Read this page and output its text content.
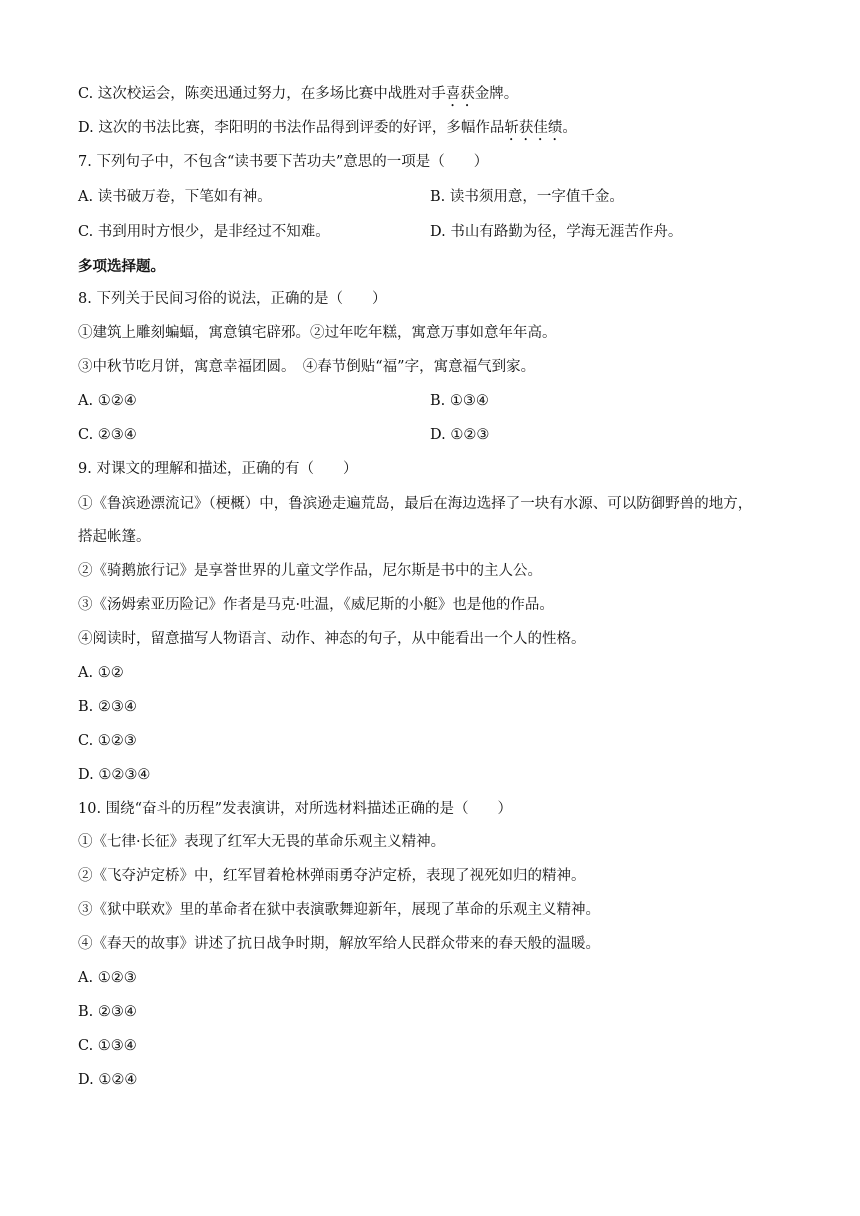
C. 这次校运会，陈奕迅通过努力，在多场比赛中战胜对手喜获金牌。
D. 这次的书法比赛，李阳明的书法作品得到评委的好评，多幅作品斩获佳绩。
7. 下列句子中，不包含“读书要下苦功夫”意思的一项是（　　）
A. 读书破万卷，下笔如有神。	B. 读书须用意，一字值千金。
C. 书到用时方恨少，是非经过不知难。	D. 书山有路勤为径，学海无涯苦作舟。
多项选择题。
8. 下列关于民间习俗的说法，正确的是（　　）
①建筑上雕刻蝙蝠，寓意镇宅辟邪。②过年吃年糕，寓意万事如意年年高。
③中秋节吃月饼，寓意幸福团圆。　④春节倒贴“福”字，寓意福气到家。
A. ①②④	B. ①③④
C. ②③④	D. ①②③
9. 对课文的理解和描述，正确的有（　　）
①《鲁滨逊漂流记》（梗概）中，鲁滨逊走遍荒岛，最后在海边选择了一块有水源、可以防御野兽的地方，
搭起帐篷。
②《骑鹅旅行记》是享誉世界的儿童文学作品，尼尔斯是书中的主人公。
③《汤姆索亚历险记》作者是马克·吐温，《威尼斯的小艇》也是他的作品。
④阅读时，留意描写人物语言、动作、神态的句子，从中能看出一个人的性格。
A. ①②
B. ②③④
C. ①②③
D. ①②③④
10. 围绕“奋斗的历程”发表演讲，对所选材料描述正确的是（　　）
①《七律·长征》表现了红军大无畏的革命乐观主义精神。
②《飞夺泸定桥》中，红军冒着枪林弹雨勇夺泸定桥，表现了视死如归的精神。
③《狱中联欢》里的革命者在狱中表演歌舞迎新年，展现了革命的乐观主义精神。
④《春天的故事》讲述了抗日战争时期，解放军给人民群众带来的春天般的温暖。
A. ①②③
B. ②③④
C. ①③④
D. ①②④
